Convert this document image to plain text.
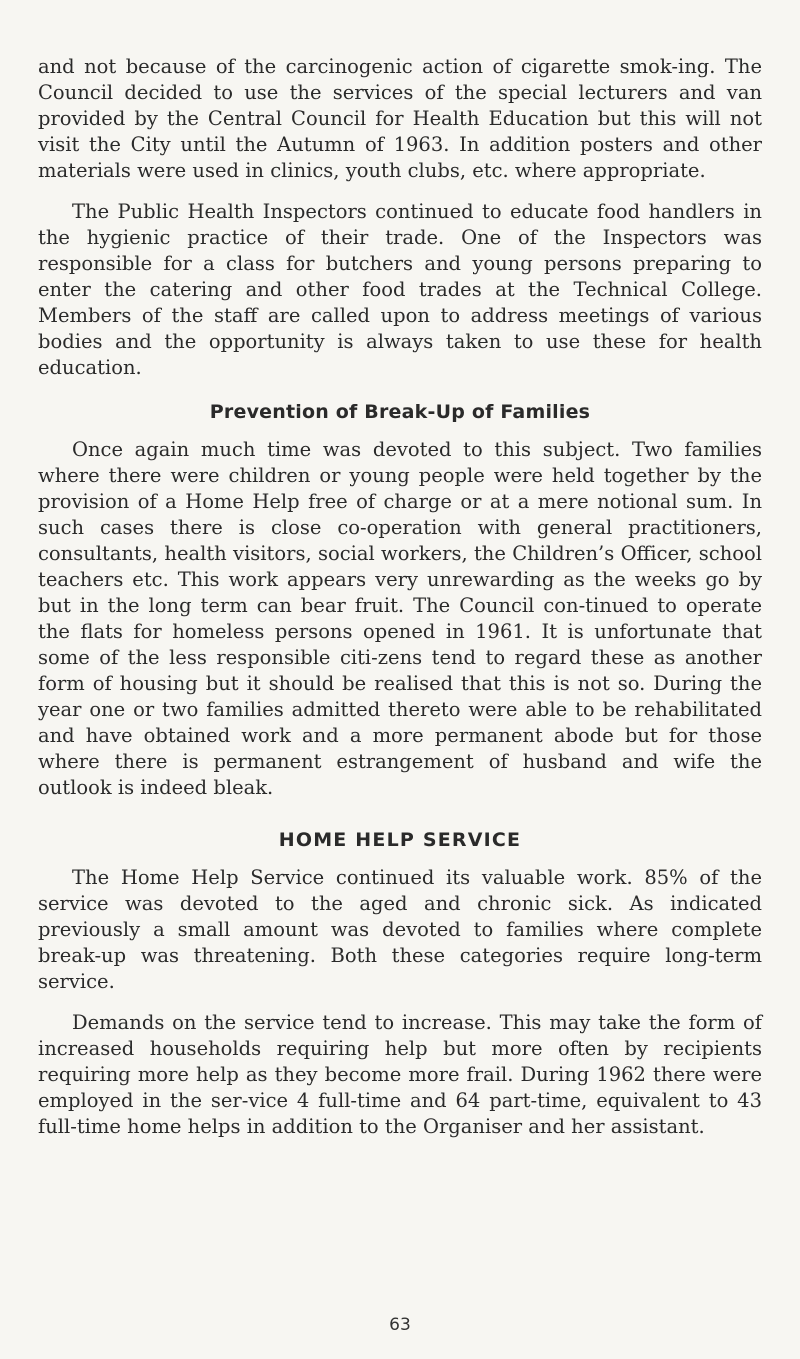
and not because of the carcinogenic action of cigarette smok-ing. The Council decided to use the services of the special lecturers and van provided by the Central Council for Health Education but this will not visit the City until the Autumn of 1963. In addition posters and other materials were used in clinics, youth clubs, etc. where appropriate.

The Public Health Inspectors continued to educate food handlers in the hygienic practice of their trade. One of the Inspectors was responsible for a class for butchers and young persons preparing to enter the catering and other food trades at the Technical College. Members of the staff are called upon to address meetings of various bodies and the opportunity is always taken to use these for health education.

Prevention of Break-Up of Families

Once again much time was devoted to this subject. Two families where there were children or young people were held together by the provision of a Home Help free of charge or at a mere notional sum. In such cases there is close co-operation with general practitioners, consultants, health visitors, social workers, the Children’s Officer, school teachers etc. This work appears very unrewarding as the weeks go by but in the long term can bear fruit. The Council con-tinued to operate the flats for homeless persons opened in 1961. It is unfortunate that some of the less responsible citi-zens tend to regard these as another form of housing but it should be realised that this is not so. During the year one or two families admitted thereto were able to be rehabilitated and have obtained work and a more permanent abode but for those where there is permanent estrangement of husband and wife the outlook is indeed bleak.

HOME HELP SERVICE

The Home Help Service continued its valuable work. 85% of the service was devoted to the aged and chronic sick. As indicated previously a small amount was devoted to families where complete break-up was threatening. Both these categories require long-term service.

Demands on the service tend to increase. This may take the form of increased households requiring help but more often by recipients requiring more help as they become more frail. During 1962 there were employed in the ser-vice 4 full-time and 64 part-time, equivalent to 43 full-time home helps in addition to the Organiser and her assistant.

63
